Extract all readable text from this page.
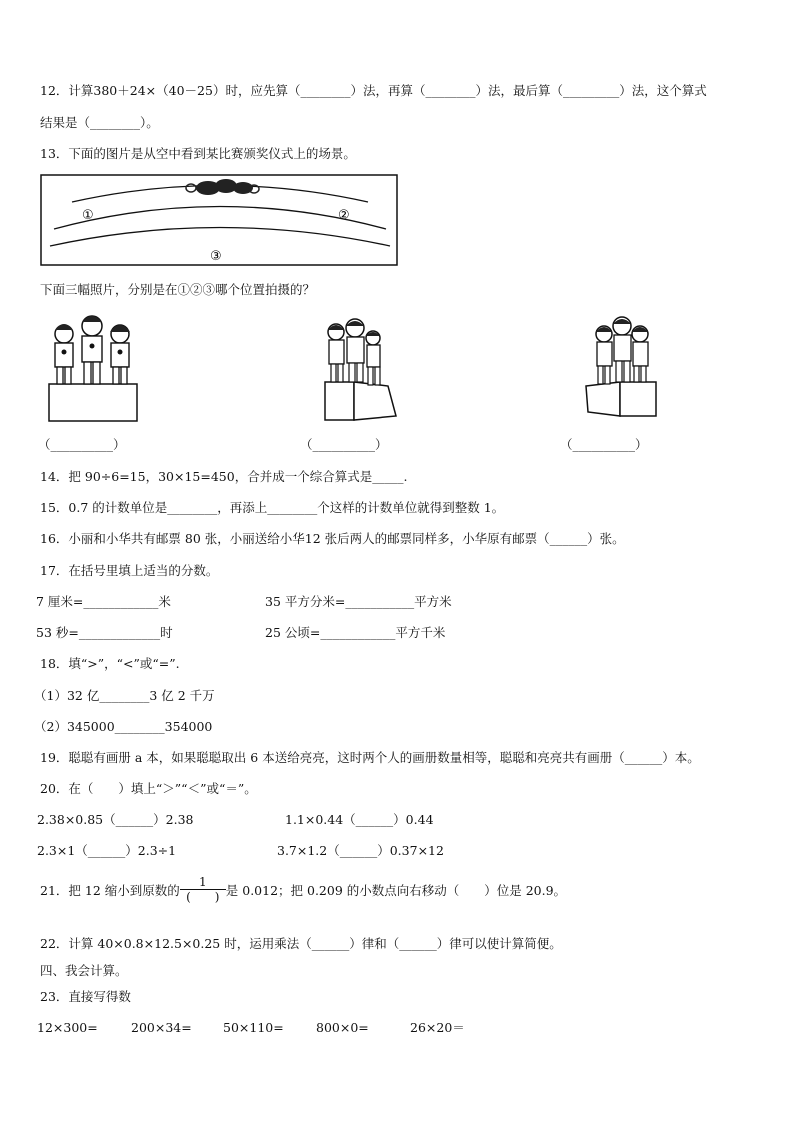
12．计算380＋24×（40－25）时，应先算（________）法，再算（________）法，最后算（_________）法，这个算式
结果是（________）。
13．下面的图片是从空中看到某比赛颁奖仪式上的场景。
①	②
③
下面三幅照片，分别是在①②③哪个位置拍摄的？
（__________）	（__________）	（__________）
14．把 90÷6=15，30×15=450，合并成一个综合算式是_____.
15．0.7 的计数单位是________，再添上________个这样的计数单位就得到整数 1。
16．小丽和小华共有邮票 80 张，小丽送给小华12 张后两人的邮票同样多，小华原有邮票（______）张。
17．在括号里填上适当的分数。
7 厘米=____________米	35 平方分米=___________平方米
53 秒=_____________时	25 公顷=____________平方千米
18．填“>”，“<”或“=”.
（1）32 亿________3 亿 2 千万
（2）345000________354000
19．聪聪有画册 a 本，如果聪聪取出 6 本送给亮亮，这时两个人的画册数量相等，聪聪和亮亮共有画册（______）本。
20．在（　　）填上“＞”“＜”或“＝”。
2.38×0.85（______）2.38	1.1×0.44（______）0.44
2.3×1（______）2.3÷1	3.7×1.2（______）0.37×12
21．把 12 缩小到原数的 $\frac{1}{( )}$ 是 0.012；把 0.209 的小数点向右移动（　　）位是 20.9。
22．计算 40×0.8×12.5×0.25 时，运用乘法（______）律和（______）律可以使计算简便。
四、我会计算。
23．直接写得数
12×300=	200×34=	50×110=	800×0=	26×20＝
